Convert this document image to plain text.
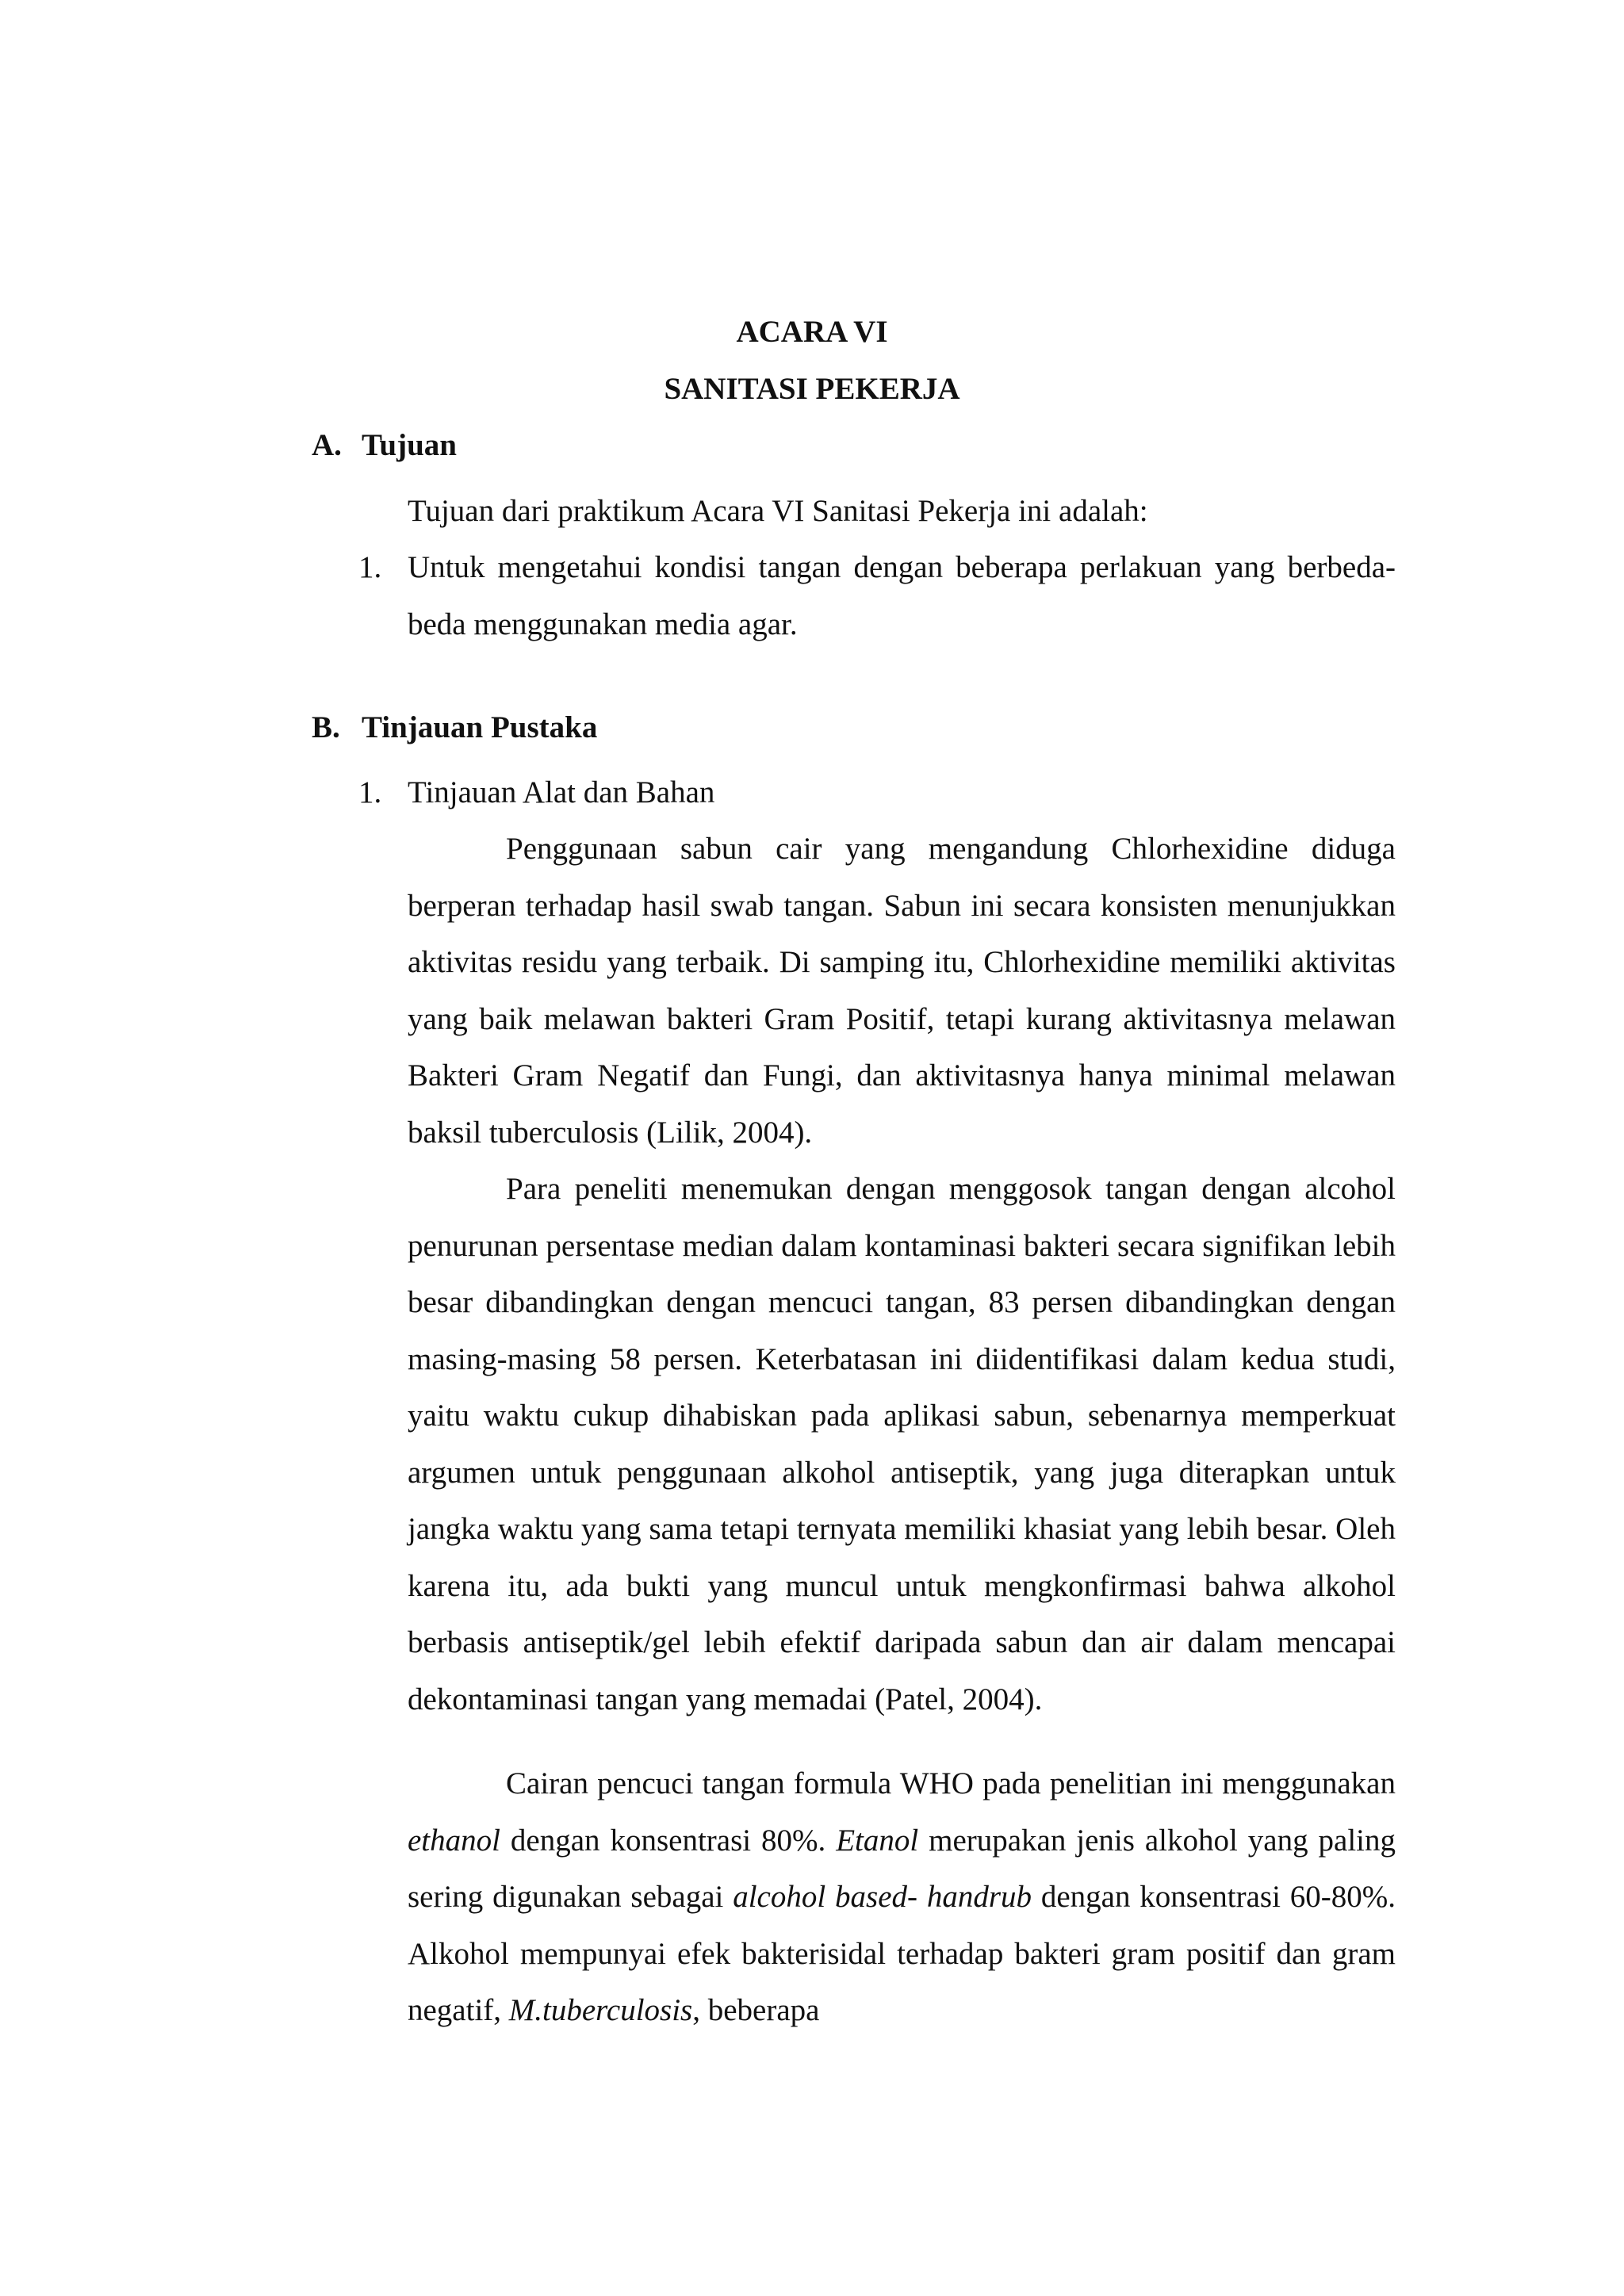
ACARA VI
SANITASI PEKERJA
A. Tujuan

Tujuan dari praktikum Acara VI Sanitasi Pekerja ini adalah:

1. Untuk mengetahui kondisi tangan dengan beberapa perlakuan yang berbeda-beda menggunakan media agar.
B. Tinjauan Pustaka
1. Tinjauan Alat dan Bahan

Penggunaan sabun cair yang mengandung Chlorhexidine diduga berperan terhadap hasil swab tangan. Sabun ini secara konsisten menunjukkan aktivitas residu yang terbaik. Di samping itu, Chlorhexidine memiliki aktivitas yang baik melawan bakteri Gram Positif, tetapi kurang aktivitasnya melawan Bakteri Gram Negatif dan Fungi, dan aktivitasnya hanya minimal melawan baksil tuberculosis (Lilik, 2004).

Para peneliti menemukan dengan menggosok tangan dengan alcohol penurunan persentase median dalam kontaminasi bakteri secara signifikan lebih besar dibandingkan dengan mencuci tangan, 83 persen dibandingkan dengan masing-masing 58 persen. Keterbatasan ini diidentifikasi dalam kedua studi, yaitu waktu cukup dihabiskan pada aplikasi sabun, sebenarnya memperkuat argumen untuk penggunaan alkohol antiseptik, yang juga diterapkan untuk jangka waktu yang sama tetapi ternyata memiliki khasiat yang lebih besar. Oleh karena itu, ada bukti yang muncul untuk mengkonfirmasi bahwa alkohol berbasis antiseptik/gel lebih efektif daripada sabun dan air dalam mencapai dekontaminasi tangan yang memadai (Patel, 2004).

Cairan pencuci tangan formula WHO pada penelitian ini menggunakan ethanol dengan konsentrasi 80%. Etanol merupakan jenis alkohol yang paling sering digunakan sebagai alcohol based- handrub dengan konsentrasi 60-80%. Alkohol mempunyai efek bakterisidal terhadap bakteri gram positif dan gram negatif, M.tuberculosis, beberapa
